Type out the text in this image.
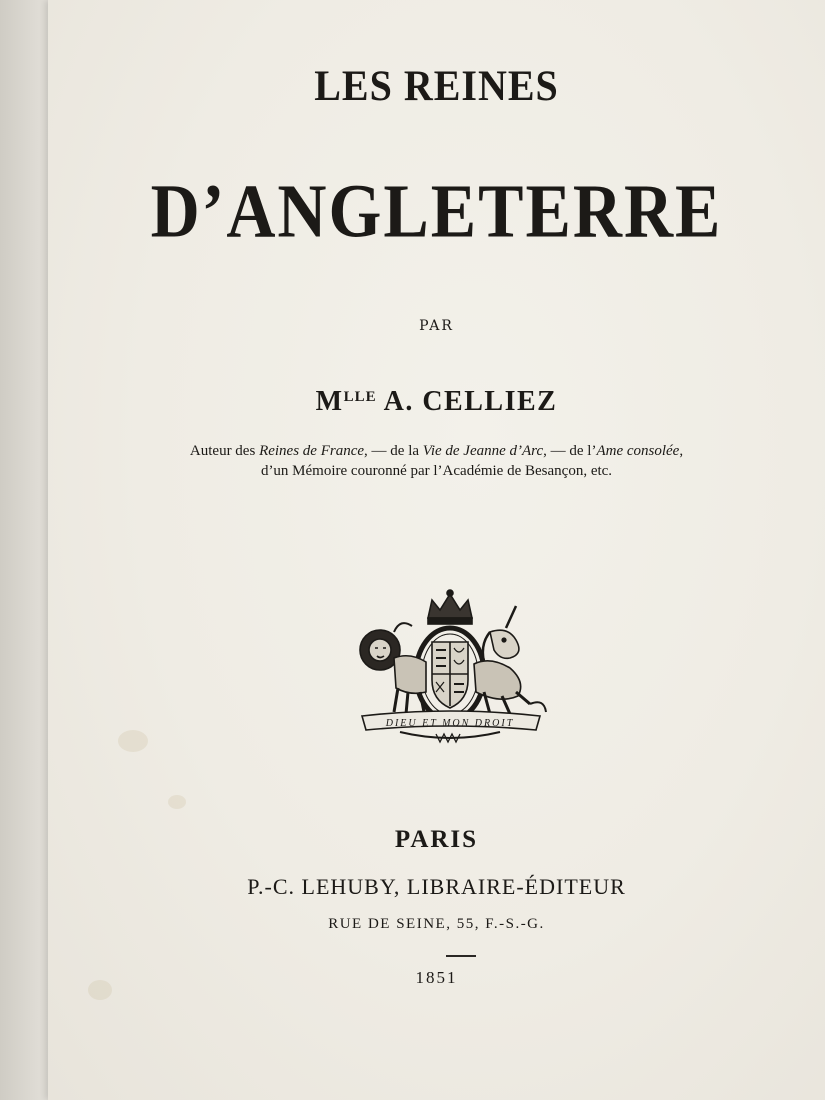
LES REINES
D’ANGLETERRE
PAR
$M^{LLE}$ A. CELLIEZ
Auteur des Reines de France, — de la Vie de Jeanne d’Arc, — de l’Ame consolée,
d’un Mémoire couronné par l’Académie de Besançon, etc.
DIEU ET MON DROIT
PARIS
P.-C. LEHUBY, LIBRAIRE-ÉDITEUR
RUE DE SEINE, 55, F.-S.-G.
1851
